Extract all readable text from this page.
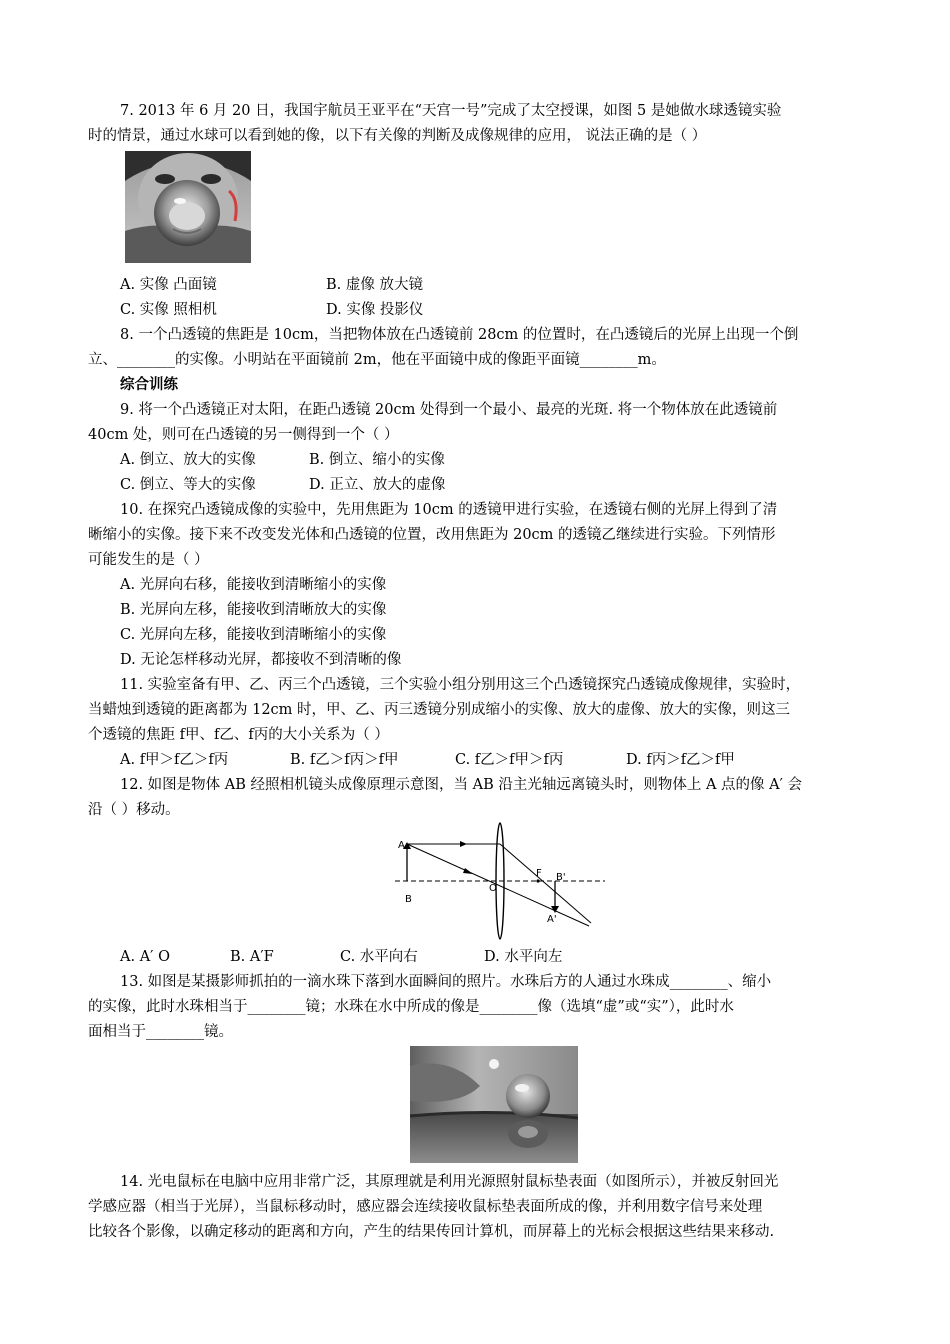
7. 2013 年 6 月 20 日，我国宇航员王亚平在“天宫一号”完成了太空授课，如图 5 是她做水球透镜实验
时的情景，通过水球可以看到她的像，以下有关像的判断及成像规律的应用， 说法正确的是（ ）
A. 实像 凸面镜	B. 虚像 放大镜
C. 实像 照相机	D. 实像 投影仪
8. 一个凸透镜的焦距是 10cm，当把物体放在凸透镜前 28cm 的位置时，在凸透镜后的光屏上出现一个倒
立、________的实像。小明站在平面镜前 2m，他在平面镜中成的像距平面镜________m。
综合训练
9. 将一个凸透镜正对太阳，在距凸透镜 20cm 处得到一个最小、最亮的光斑. 将一个物体放在此透镜前
40cm 处，则可在凸透镜的另一侧得到一个（ ）
A. 倒立、放大的实像	B. 倒立、缩小的实像
C. 倒立、等大的实像	D. 正立、放大的虚像
10. 在探究凸透镜成像的实验中，先用焦距为 10cm 的透镜甲进行实验，在透镜右侧的光屏上得到了清
晰缩小的实像。接下来不改变发光体和凸透镜的位置，改用焦距为 20cm 的透镜乙继续进行实验。下列情形
可能发生的是（ ）
A. 光屏向右移，能接收到清晰缩小的实像
B. 光屏向左移，能接收到清晰放大的实像
C. 光屏向左移，能接收到清晰缩小的实像
D. 无论怎样移动光屏，都接收不到清晰的像
11. 实验室备有甲、乙、丙三个凸透镜，三个实验小组分别用这三个凸透镜探究凸透镜成像规律，实验时，
当蜡烛到透镜的距离都为 12cm 时，甲、乙、丙三透镜分别成缩小的实像、放大的虚像、放大的实像，则这三
个透镜的焦距 f甲、f乙、f丙的大小关系为（ ）
A. f甲＞f乙＞f丙	B. f乙＞f丙＞f甲	C. f乙＞f甲＞f丙	D. f丙＞f乙＞f甲
12. 如图是物体 AB 经照相机镜头成像原理示意图，当 AB 沿主光轴远离镜头时，则物体上 A 点的像 A′ 会
沿（ ）移动。
A
B
O
F B'
A'
A. A′ O	B. A′F	C. 水平向右	D. 水平向左
13. 如图是某摄影师抓拍的一滴水珠下落到水面瞬间的照片。水珠后方的人通过水珠成________、缩小
的实像，此时水珠相当于________镜；水珠在水中所成的像是________像（选填“虚”或“实”），此时水
面相当于________镜。
14. 光电鼠标在电脑中应用非常广泛，其原理就是利用光源照射鼠标垫表面（如图所示），并被反射回光
学感应器（相当于光屏），当鼠标移动时，感应器会连续接收鼠标垫表面所成的像，并利用数字信号来处理
比较各个影像，以确定移动的距离和方向，产生的结果传回计算机，而屏幕上的光标会根据这些结果来移动.
